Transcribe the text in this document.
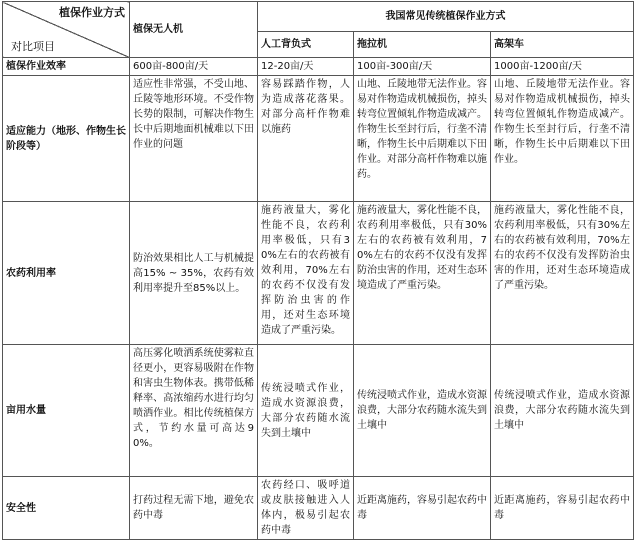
植保作业方式
对比项目	植保无人机	我国常见传统植保作业方式		
		人工背负式	拖拉机	高架车
植保作业效率	600亩-800亩/天	12-20亩/天	100亩-300亩/天	1000亩-1200亩/天
适应能力（地形、作物生长阶段等）	适应性非常强，不受山地、丘陵等地形环境。不受作物长势的限制，可解决作物生长中后期地面机械难以下田作业的问题	容易踩踏作物，人为造成落花落果。对部分高杆作物难以施药	山地、丘陵地带无法作业。容易对作物造成机械损伤，掉头转弯位置倾轧作物造成减产。作物生长至封行后，行垄不清晰，作物生长中后期难以下田作业。对部分高杆作物难以施药。	山地、丘陵地带无法作业。容易对作物造成机械损伤，掉头转弯位置倾轧作物造成减产。作物生长至封行后，行垄不清晰，作物生长中后期难以下田作业。
农药利用率	防治效果相比人工与机械提高15% ~ 35%，农药有效利用率提升至85%以上。	施药液量大，雾化性能不良，农药利用率极低，只有30%左右的农药被有效利用，70%左右的农药不仅没有发挥防治虫害的作用，还对生态环境造成了严重污染。	施药液量大，雾化性能不良，农药利用率极低，只有30%左右的农药被有效利用，70%左右的农药不仅没有发挥防治虫害的作用，还对生态环境造成了严重污染。	施药液量大，雾化性能不良，农药利用率极低，只有30%左右的农药被有效利用，70%左右的农药不仅没有发挥防治虫害的作用，还对生态环境造成了严重污染。
亩用水量	高压雾化喷洒系统使雾粒直径更小，更容易吸附在作物和害虫生物体表。携带低稀释率、高浓缩药水进行均匀喷洒作业。相比传统植保方式，节约水量可高达90%。	传统浸喷式作业，造成水资源浪费，大部分农药随水流失到土壤中	传统浸喷式作业，造成水资源浪费，大部分农药随水流失到土壤中	传统浸喷式作业，造成水资源浪费，大部分农药随水流失到土壤中
安全性	打药过程无需下地，避免农药中毒	农药经口、吸呼道或皮肤接触进入人体内，极易引起农药中毒	近距离施药，容易引起农药中毒	近距离施药，容易引起农药中毒
